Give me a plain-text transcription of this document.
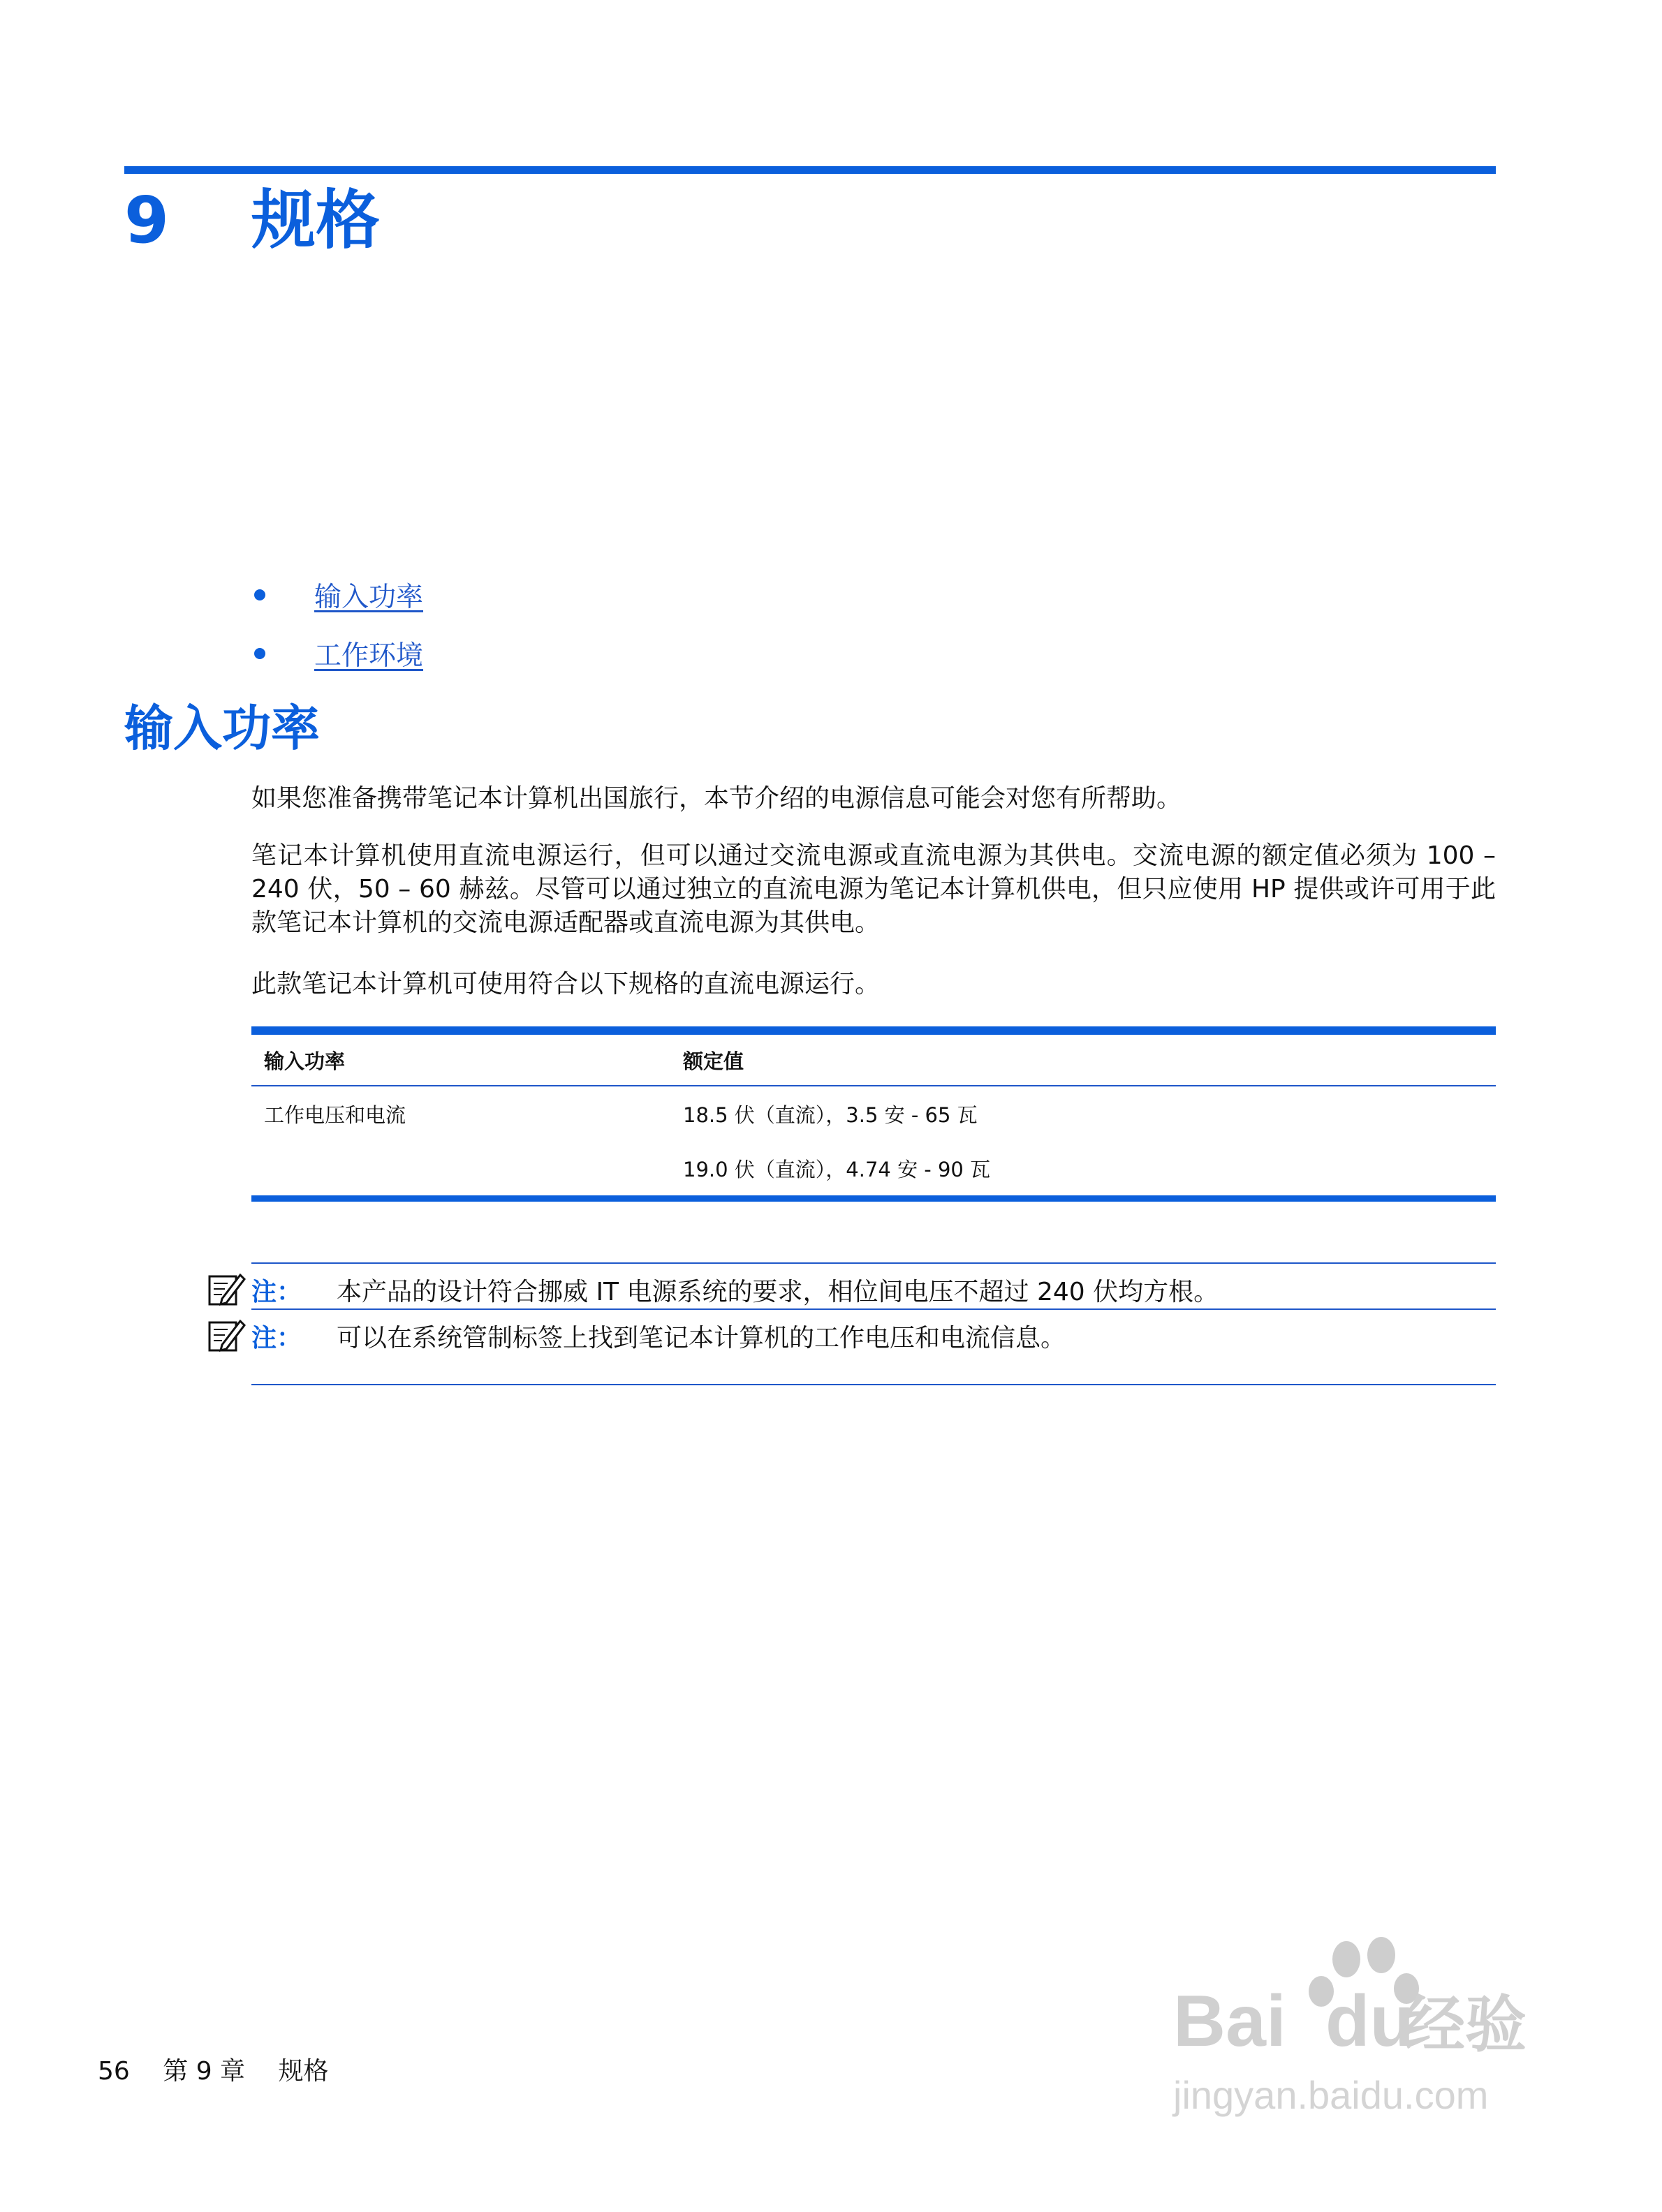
9 规格
输入功率
工作环境
输入功率
如果您准备携带笔记本计算机出国旅行，本节介绍的电源信息可能会对您有所帮助。
笔记本计算机使用直流电源运行，但可以通过交流电源或直流电源为其供电。交流电源的额定值必须为 100 – 240 伏，50 – 60 赫兹。尽管可以通过独立的直流电源为笔记本计算机供电，但只应使用 HP 提供或许可用于此款笔记本计算机的交流电源适配器或直流电源为其供电。
此款笔记本计算机可使用符合以下规格的直流电源运行。
输入功率	额定值
工作电压和电流	18.5 伏（直流），3.5 安 - 65 瓦
19.0 伏（直流），4.74 安 - 90 瓦
注： 本产品的设计符合挪威 IT 电源系统的要求，相位间电压不超过 240 伏均方根。
注： 可以在系统管制标签上找到笔记本计算机的工作电压和电流信息。
56 第 9 章 规格
Bai du
经验
jingyan.baidu.com
